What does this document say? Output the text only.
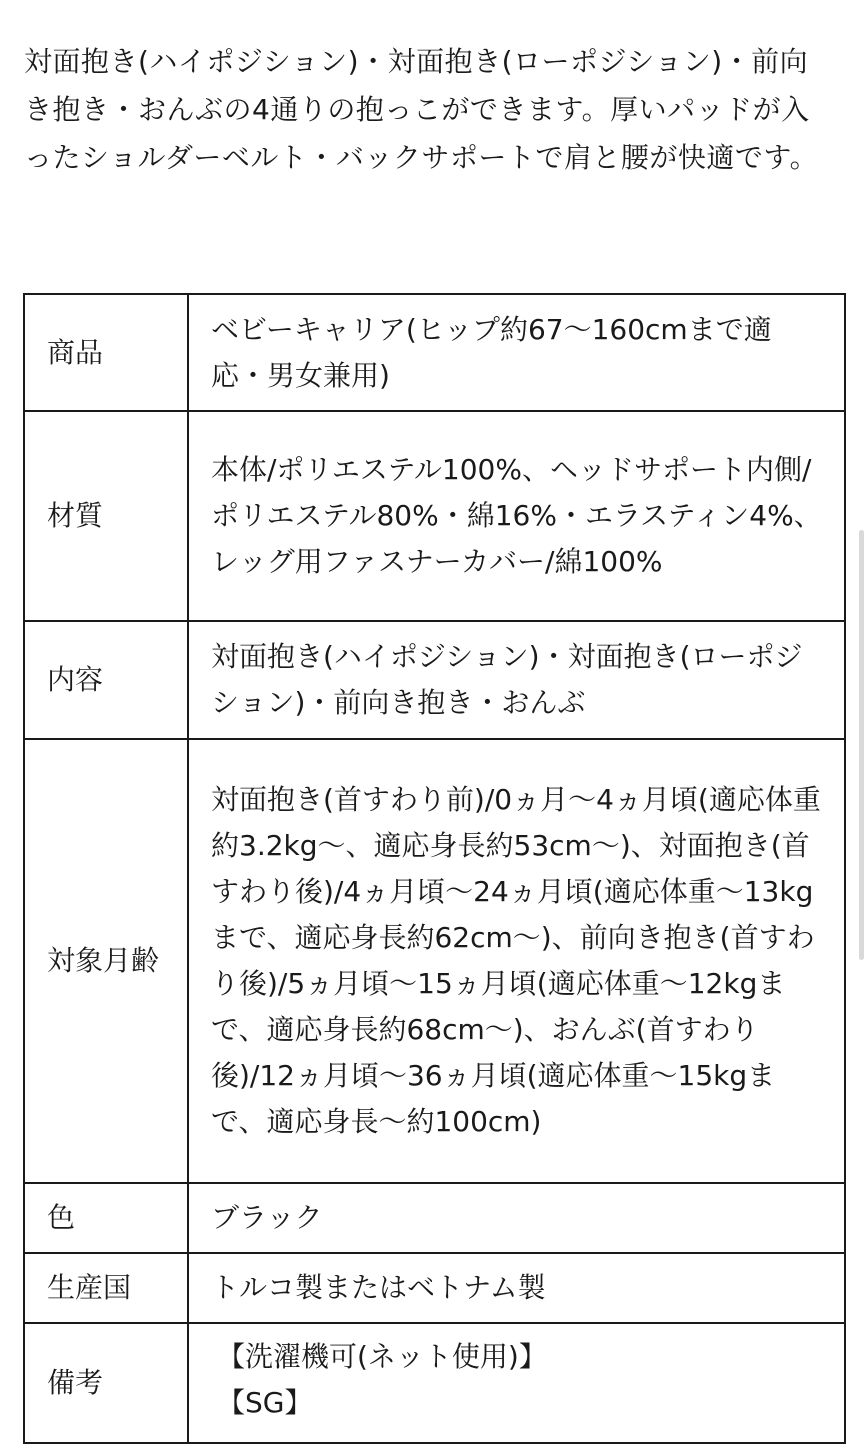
対面抱き(ハイポジション)・対面抱き(ローポジション)・前向き抱き・おんぶの4通りの抱っこができます。厚いパッドが入ったショルダーベルト・バックサポートで肩と腰が快適です。

商品	ベビーキャリア(ヒップ約67〜160cmまで適応・男女兼用)

材質	本体/ポリエステル100%、ヘッドサポート内側/ポリエステル80%・綿16%・エラスティン4%、レッグ用ファスナーカバー/綿100%

内容	対面抱き(ハイポジション)・対面抱き(ローポジション)・前向き抱き・おんぶ

対象月齢	対面抱き(首すわり前)/0ヵ月〜4ヵ月頃(適応体重約3.2kg〜、適応身長約53cm〜)、対面抱き(首すわり後)/4ヵ月頃〜24ヵ月頃(適応体重〜13kgまで、適応身長約62cm〜)、前向き抱き(首すわり後)/5ヵ月頃〜15ヵ月頃(適応体重〜12kgまで、適応身長約68cm〜)、おんぶ(首すわり後)/12ヵ月頃〜36ヵ月頃(適応体重〜15kgまで、適応身長〜約100cm)

色	ブラック

生産国	トルコ製またはベトナム製

備考	【洗濯機可(ネット使用)】
【SG】
